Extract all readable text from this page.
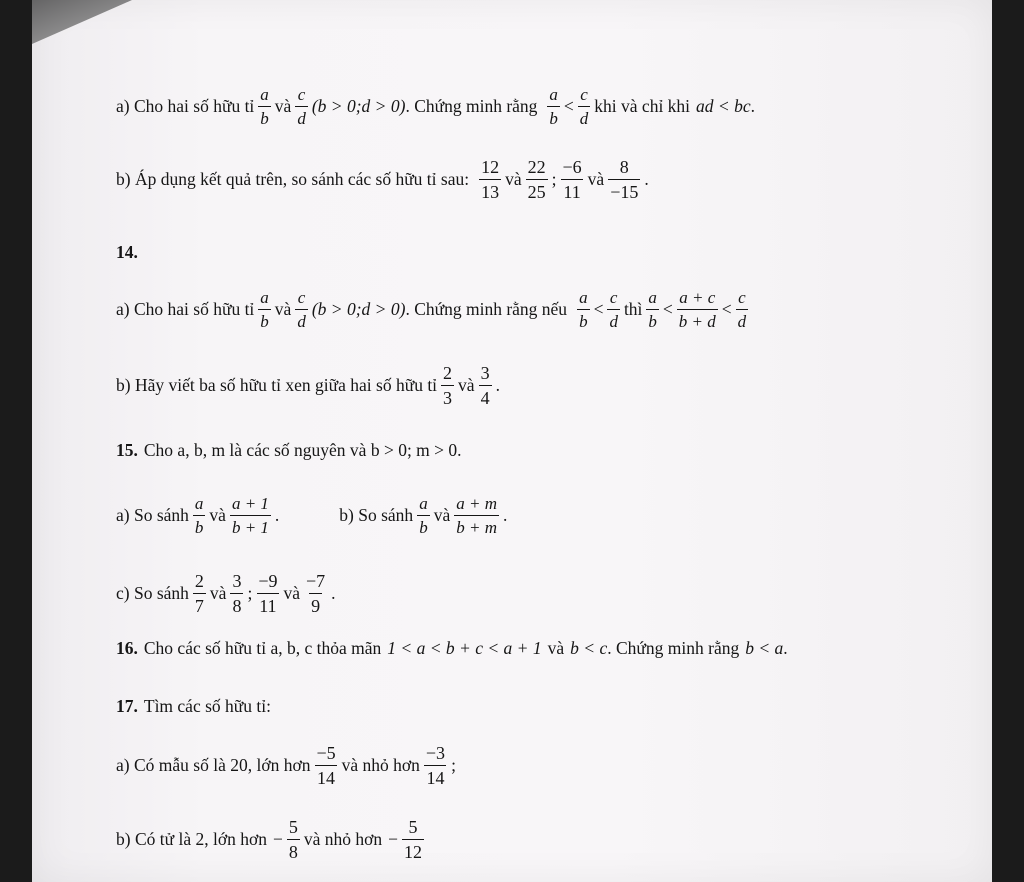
a) Cho hai số hữu tỉ $\frac{a}{b}$ và $\frac{c}{d} (b$ > 0;d > 0) . Chứng minh rằng $\frac{a}{b} < \frac{c}{d}$ khi và chỉ khi ad < bc .
b) Áp dụng kết quả trên, so sánh các số hữu tỉ sau: $\frac{12}{13}$ và $\frac{22}{25}$ ; $\frac{-6}{11}$ và $\frac{8}{-15}$ .
14.
a) Cho hai số hữu tỉ $\frac{a}{b}$ và $\frac{c}{d} (b$ > 0;d > 0) . Chứng minh rằng nếu $\frac{a}{b} < \frac{c}{d}$ thì $\frac{a}{b} < \frac{a + c}{b + d} < \frac{c}{d}$
b) Hãy viết ba số hữu tỉ xen giữa hai số hữu tỉ $\frac{2}{3}$ và $\frac{3}{4}$ .
15. Cho a, b, m là các số nguyên và b > 0; m > 0.
a) So sánh $\frac{a}{b}$ và $\frac{a + 1}{b + 1}$ .	b) So sánh $\frac{a}{b}$ và $\frac{a + m}{b + m}$ .
c) So sánh $\frac{2}{7}$ và $\frac{3}{8}$ ; $\frac{-9}{11}$ và $\frac{-7}{9}$ .
16. Cho các số hữu tỉ a, b, c thỏa mãn 1 < a < b + c < a + 1 và b < c . Chứng minh rằng b < a .
17. Tìm các số hữu tỉ:
a) Có mẫu số là 20, lớn hơn $\frac{-5}{14}$ và nhỏ hơn $\frac{-3}{14}$ ;
b) Có tử là 2, lớn hơn − $\frac{5}{8}$ và nhỏ hơn − $\frac{5}{12}$
